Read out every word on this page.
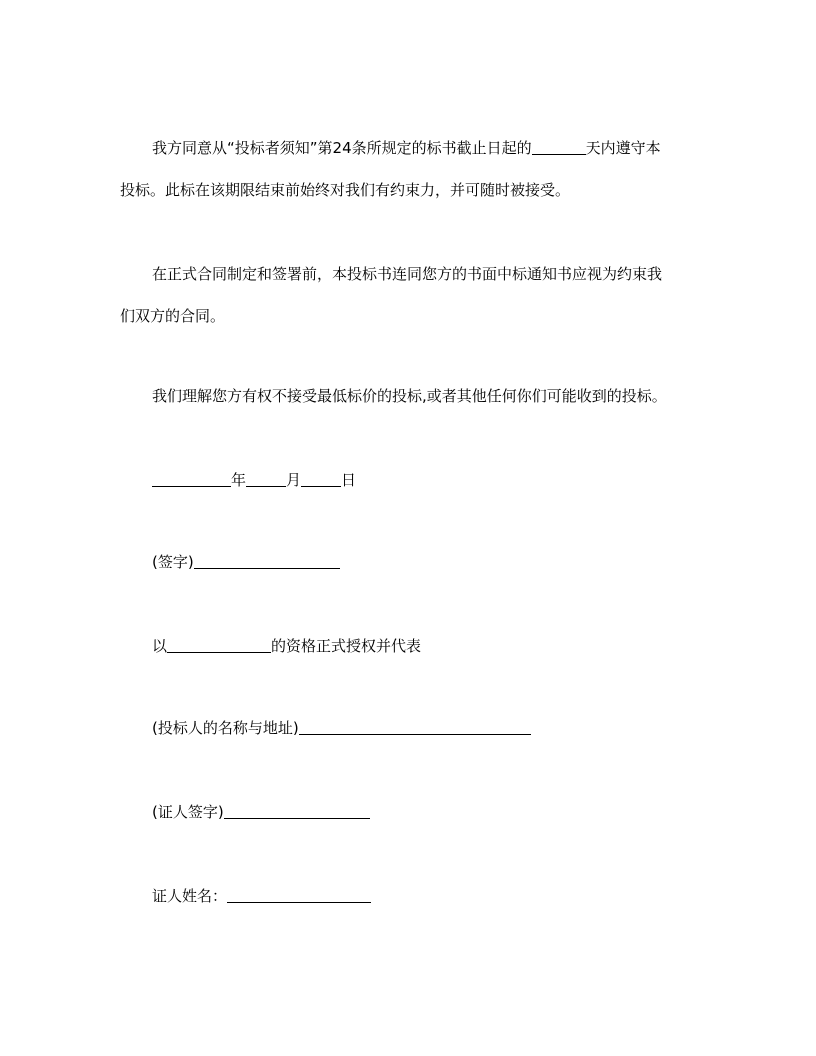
我方同意从“投标者须知”第24条所规定的标书截止日起的	天内遵守本
投标。此标在该期限结束前始终对我们有约束力，并可随时被接受。
在正式合同制定和签署前，本投标书连同您方的书面中标通知书应视为约束我
们双方的合同。
我们理解您方有权不接受最低标价的投标,或者其他任何你们可能收到的投标。
年	月	日
(签字)
以	的资格正式授权并代表
(投标人的名称与地址)
(证人签字)
证人姓名：
